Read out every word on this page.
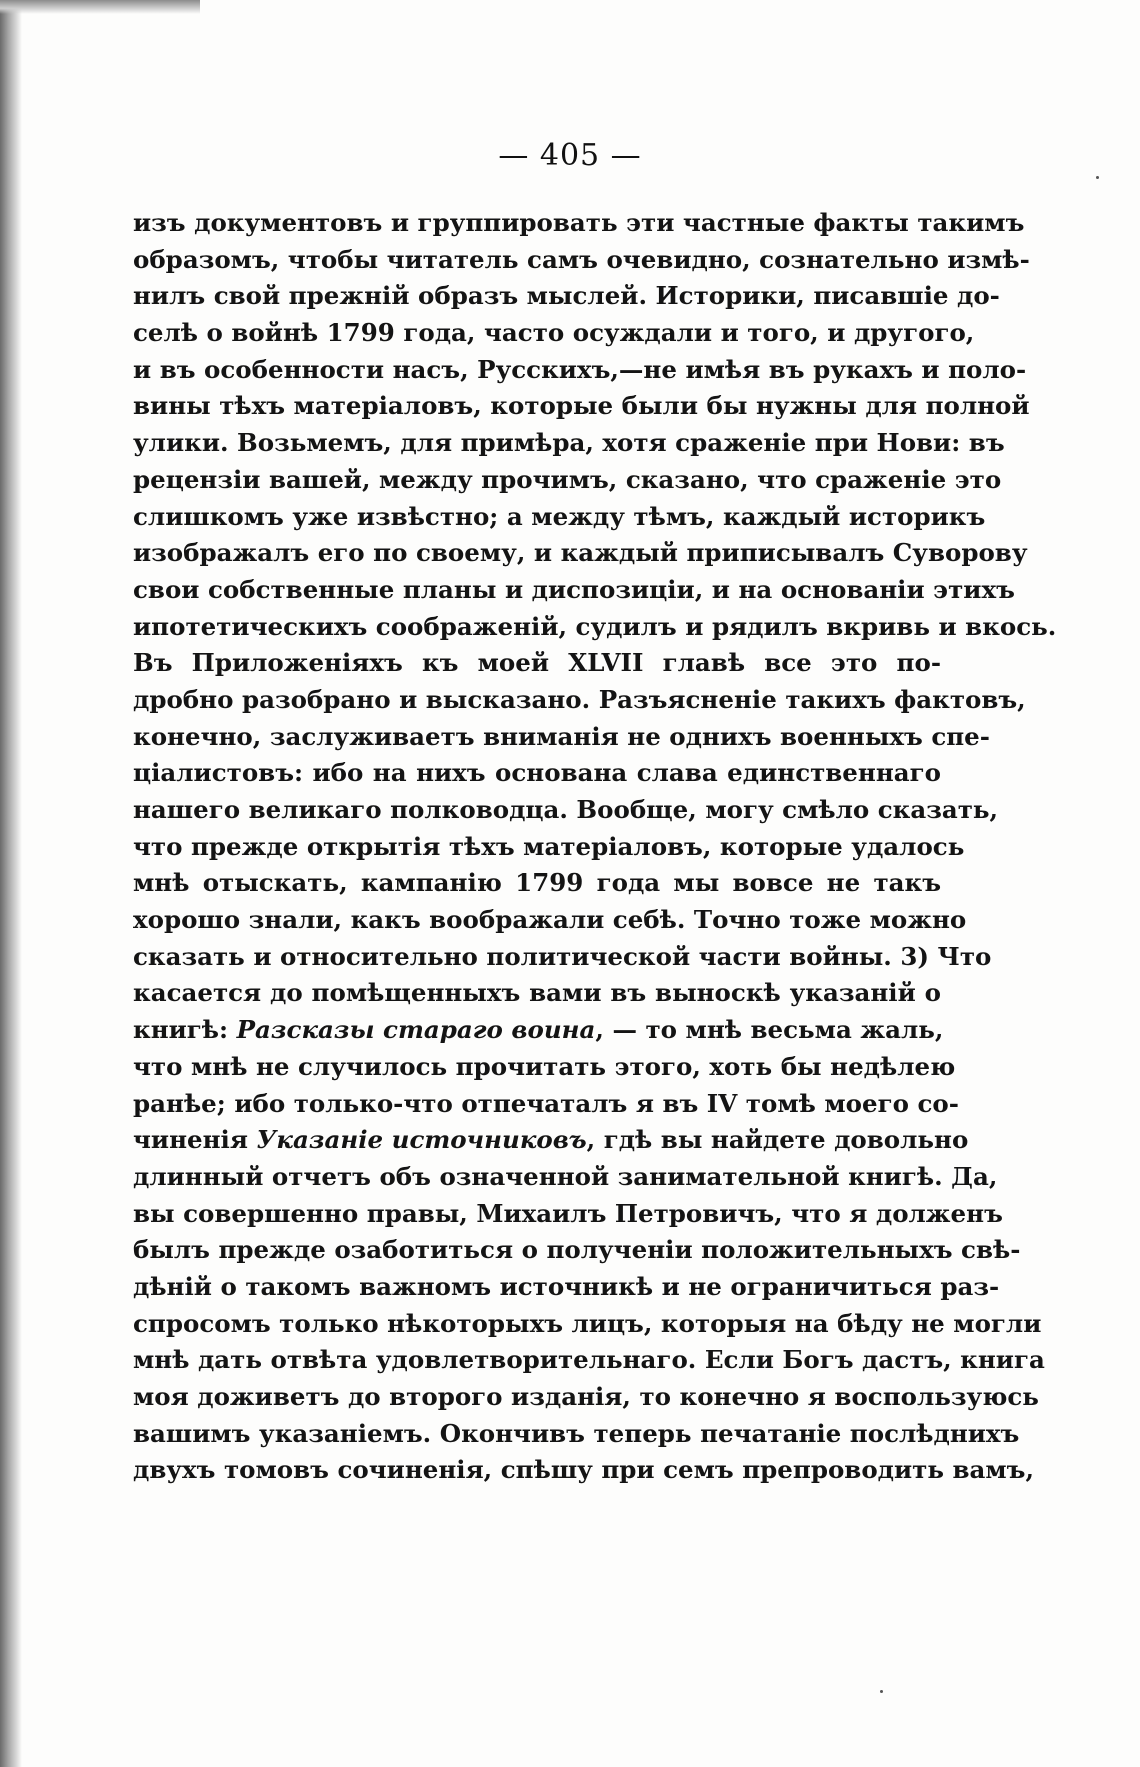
— 405 —
изъ документовъ и группировать эти частные факты такимъ
образомъ, чтобы читатель самъ очевидно, сознательно измѣ-
нилъ свой прежній образъ мыслей. Историки, писавшіе до-
селѣ о войнѣ 1799 года, часто осуждали и того, и другого,
и въ особенности насъ, Русскихъ,—не имѣя въ рукахъ и поло-
вины тѣхъ матеріаловъ, которые были бы нужны для полной
улики. Возьмемъ, для примѣра, хотя сраженіе при Нови: въ
рецензіи вашей, между прочимъ, сказано, что сраженіе это
слишкомъ уже извѣстно; а между тѣмъ, каждый историкъ
изображалъ его по своему, и каждый приписывалъ Суворову
свои собственные планы и диспозиціи, и на основаніи этихъ
ипотетическихъ соображеній, судилъ и рядилъ вкривь и вкось.
Въ Приложеніяхъ къ моей XLVII главѣ все это по-
дробно разобрано и высказано. Разъясненіе такихъ фактовъ,
конечно, заслуживаетъ вниманія не однихъ военныхъ спе-
ціалистовъ: ибо на нихъ основана слава единственнаго
нашего великаго полководца. Вообще, могу смѣло сказать,
что прежде открытія тѣхъ матеріаловъ, которые удалось
мнѣ отыскать, кампанію 1799 года мы вовсе не такъ
хорошо знали, какъ воображали себѣ. Точно тоже можно
сказать и относительно политической части войны. 3) Что
касается до помѣщенныхъ вами въ выноскѣ указаній о
книгѣ: Разсказы стараго воина, — то мнѣ весьма жаль,
что мнѣ не случилось прочитать этого, хоть бы недѣлею
ранѣе; ибо только-что отпечаталъ я въ IV томѣ моего со-
чиненія Указаніе источниковъ, гдѣ вы найдете довольно
длинный отчетъ объ означенной занимательной книгѣ. Да,
вы совершенно правы, Михаилъ Петровичъ, что я долженъ
былъ прежде озаботиться о полученіи положительныхъ свѣ-
дѣній о такомъ важномъ источникѣ и не ограничиться рaз-
спросомъ только нѣкоторыхъ лицъ, которыя на бѣду не могли
мнѣ дать отвѣта удовлетворительнаго. Если Богъ дастъ, книга
моя доживетъ до второго изданія, то конечно я воспользуюсь
вашимъ указаніемъ. Окончивъ теперь печатаніе послѣднихъ
двухъ томовъ сочиненія, спѣшу при семъ препроводить вамъ,
